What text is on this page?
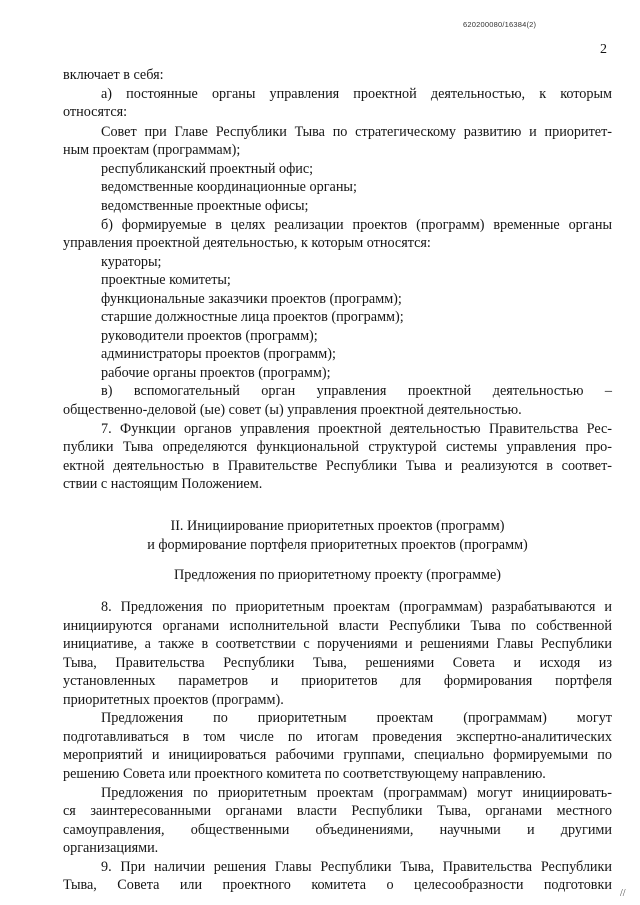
620200080/16384(2)
2
включает в себя:
а) постоянные органы управления проектной деятельностью, к которым
относятся:
Совет при Главе Республики Тыва по стратегическому развитию и приоритет-
ным проектам (программам);
республиканский проектный офис;
ведомственные координационные органы;
ведомственные проектные офисы;
б) формируемые в целях реализации проектов (программ) временные органы
управления проектной деятельностью, к которым относятся:
кураторы;
проектные комитеты;
функциональные заказчики проектов (программ);
старшие должностные лица проектов (программ);
руководители проектов (программ);
администраторы проектов (программ);
рабочие органы проектов (программ);
в) вспомогательный орган управления проектной деятельностью –
общественно-деловой (ые) совет (ы) управления проектной деятельностью.
7. Функции органов управления проектной деятельностью Правительства Рес-
публики Тыва определяются функциональной структурой системы управления про-
ектной деятельностью в Правительстве Республики Тыва и реализуются в соответ-
ствии с настоящим Положением.
II. Инициирование приоритетных проектов (программ)
и формирование портфеля приоритетных проектов (программ)
Предложения по приоритетному проекту (программе)
8. Предложения по приоритетным проектам (программам) разрабатываются и
инициируются органами исполнительной власти Республики Тыва по собственной
инициативе, а также в соответствии с поручениями и решениями Главы Республики
Тыва, Правительства Республики Тыва, решениями Совета и исходя из
установленных параметров и приоритетов для формирования портфеля
приоритетных проектов (программ).
Предложения по приоритетным проектам (программам) могут
подготавливаться в том числе по итогам проведения экспертно-аналитических
мероприятий и инициироваться рабочими группами, специально формируемыми по
решению Совета или проектного комитета по соответствующему направлению.
Предложения по приоритетным проектам (программам) могут инициировать-
ся заинтересованными органами власти Республики Тыва, органами местного
самоуправления, общественными объединениями, научными и другими
организациями.
9. При наличии решения Главы Республики Тыва, Правительства Республики
Тыва, Совета или проектного комитета о целесообразности подготовки
//
